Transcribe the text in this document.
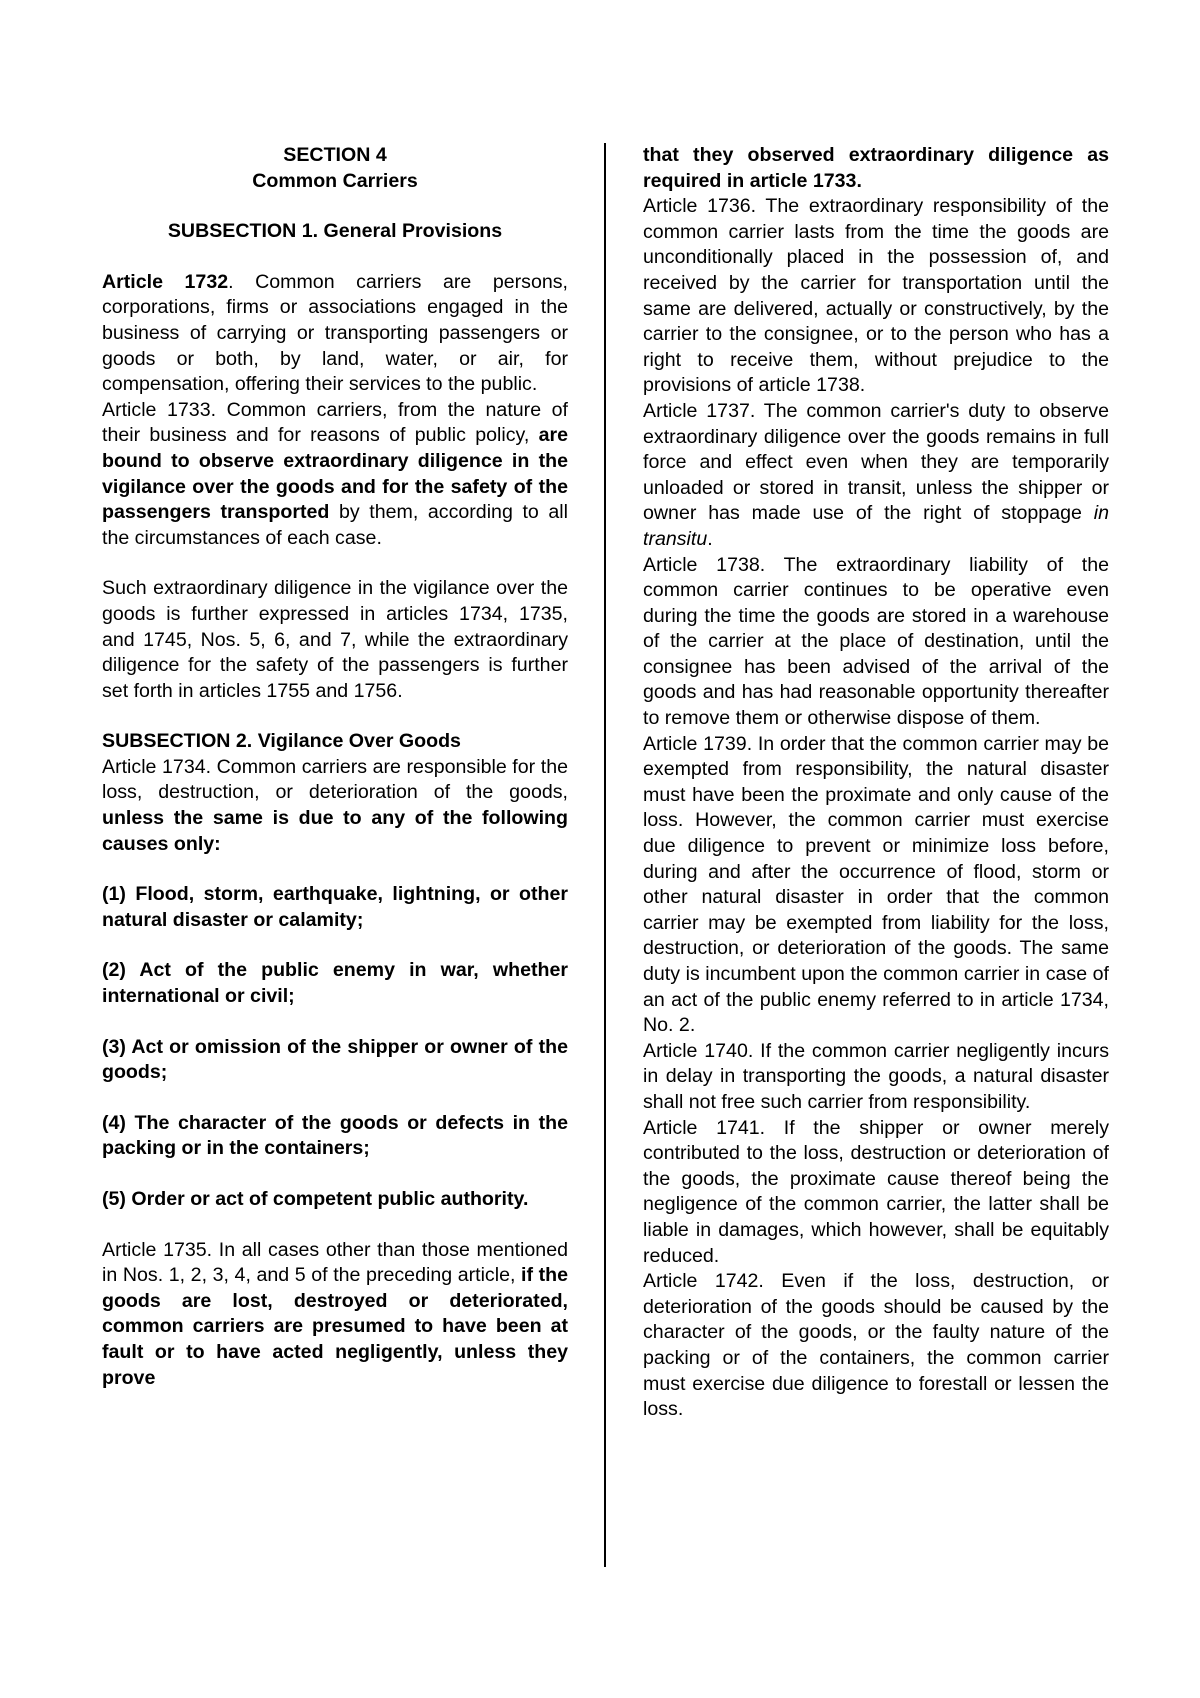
SECTION 4

Common Carriers

SUBSECTION 1. General Provisions

Article 1732. Common carriers are persons, corporations, firms or associations engaged in the business of carrying or transporting passengers or goods or both, by land, water, or air, for compensation, offering their services to the public.

Article 1733. Common carriers, from the nature of their business and for reasons of public policy, are bound to observe extraordinary diligence in the vigilance over the goods and for the safety of the passengers transported by them, according to all the circumstances of each case.

Such extraordinary diligence in the vigilance over the goods is further expressed in articles 1734, 1735, and 1745, Nos. 5, 6, and 7, while the extraordinary diligence for the safety of the passengers is further set forth in articles 1755 and 1756.

SUBSECTION 2. Vigilance Over Goods

Article 1734. Common carriers are responsible for the loss, destruction, or deterioration of the goods, unless the same is due to any of the following causes only:

(1) Flood, storm, earthquake, lightning, or other natural disaster or calamity;

(2) Act of the public enemy in war, whether international or civil;

(3) Act or omission of the shipper or owner of the goods;

(4) The character of the goods or defects in the packing or in the containers;

(5) Order or act of competent public authority.

Article 1735. In all cases other than those mentioned in Nos. 1, 2, 3, 4, and 5 of the preceding article, if the goods are lost, destroyed or deteriorated, common carriers are presumed to have been at fault or to have acted negligently, unless they prove

that they observed extraordinary diligence as required in article 1733.

Article 1736. The extraordinary responsibility of the common carrier lasts from the time the goods are unconditionally placed in the possession of, and received by the carrier for transportation until the same are delivered, actually or constructively, by the carrier to the consignee, or to the person who has a right to receive them, without prejudice to the provisions of article 1738.

Article 1737. The common carrier's duty to observe extraordinary diligence over the goods remains in full force and effect even when they are temporarily unloaded or stored in transit, unless the shipper or owner has made use of the right of stoppage in transitu.

Article 1738. The extraordinary liability of the common carrier continues to be operative even during the time the goods are stored in a warehouse of the carrier at the place of destination, until the consignee has been advised of the arrival of the goods and has had reasonable opportunity thereafter to remove them or otherwise dispose of them.

Article 1739. In order that the common carrier may be exempted from responsibility, the natural disaster must have been the proximate and only cause of the loss. However, the common carrier must exercise due diligence to prevent or minimize loss before, during and after the occurrence of flood, storm or other natural disaster in order that the common carrier may be exempted from liability for the loss, destruction, or deterioration of the goods. The same duty is incumbent upon the common carrier in case of an act of the public enemy referred to in article 1734, No. 2.

Article 1740. If the common carrier negligently incurs in delay in transporting the goods, a natural disaster shall not free such carrier from responsibility.

Article 1741. If the shipper or owner merely contributed to the loss, destruction or deterioration of the goods, the proximate cause thereof being the negligence of the common carrier, the latter shall be liable in damages, which however, shall be equitably reduced.

Article 1742. Even if the loss, destruction, or deterioration of the goods should be caused by the character of the goods, or the faulty nature of the packing or of the containers, the common carrier must exercise due diligence to forestall or lessen the loss.
